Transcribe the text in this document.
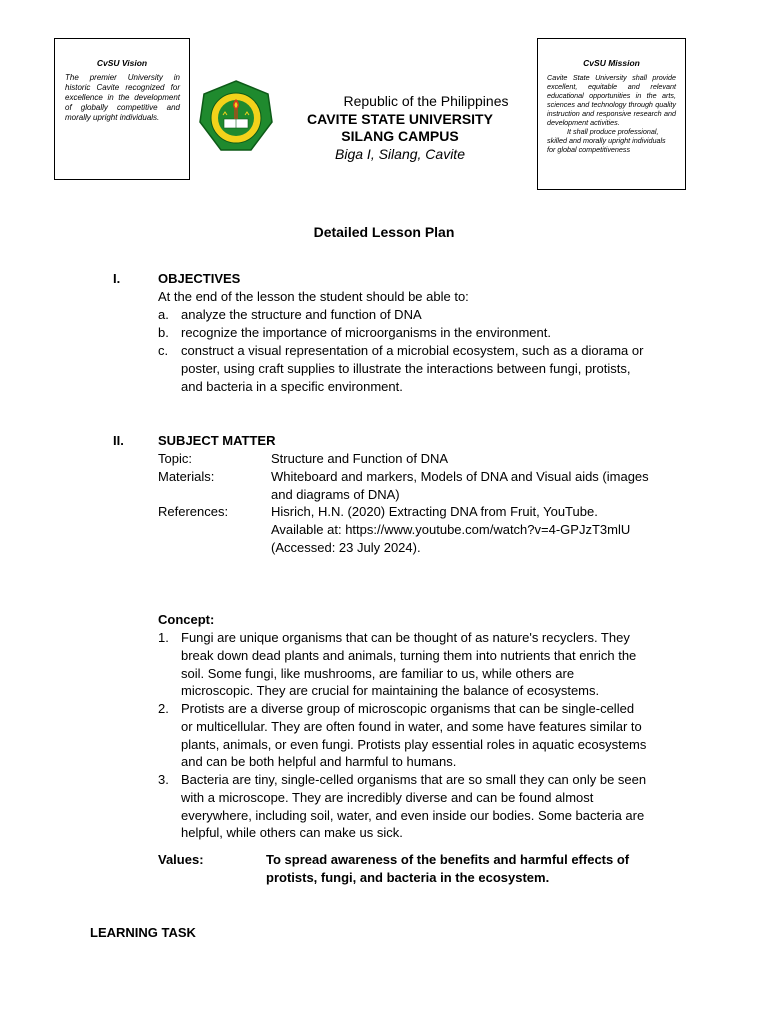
CvSU Vision
The premier University in historic Cavite recognized for excellence in the development of globally competitive and morally upright individuals.
CvSU Mission
Cavite State University shall provide excellent, equitable and relevant educational opportunities in the arts, sciences and technology through quality instruction and responsive research and development activities.
It shall produce professional, skilled and morally upright individuals for global competitiveness
Republic of the Philippines
CAVITE STATE UNIVERSITY
SILANG CAMPUS
Biga I, Silang, Cavite
Detailed Lesson Plan
I.	OBJECTIVES
At the end of the lesson the student should be able to:
a. analyze the structure and function of DNA
b. recognize the importance of microorganisms in the environment.
c. construct a visual representation of a microbial ecosystem, such as a diorama or
poster, using craft supplies to illustrate the interactions between fungi, protists,
and bacteria in a specific environment.
II.	SUBJECT MATTER
Topic:	Structure and Function of DNA
Materials:	Whiteboard and markers, Models of DNA and Visual aids (images
and diagrams of DNA)
References:	Hisrich, H.N. (2020) Extracting DNA from Fruit, YouTube.
Available at: https://www.youtube.com/watch?v=4-GPJzT3mlU
(Accessed: 23 July 2024).
Concept:
1. Fungi are unique organisms that can be thought of as nature's recyclers. They
break down dead plants and animals, turning them into nutrients that enrich the
soil. Some fungi, like mushrooms, are familiar to us, while others are
microscopic. They are crucial for maintaining the balance of ecosystems.
2. Protists are a diverse group of microscopic organisms that can be single-celled
or multicellular. They are often found in water, and some have features similar to
plants, animals, or even fungi. Protists play essential roles in aquatic ecosystems
and can be both helpful and harmful to humans.
3. Bacteria are tiny, single-celled organisms that are so small they can only be seen
with a microscope. They are incredibly diverse and can be found almost
everywhere, including soil, water, and even inside our bodies. Some bacteria are
helpful, while others can make us sick.
Values:	To spread awareness of the benefits and harmful effects of
protists, fungi, and bacteria in the ecosystem.
LEARNING TASK
